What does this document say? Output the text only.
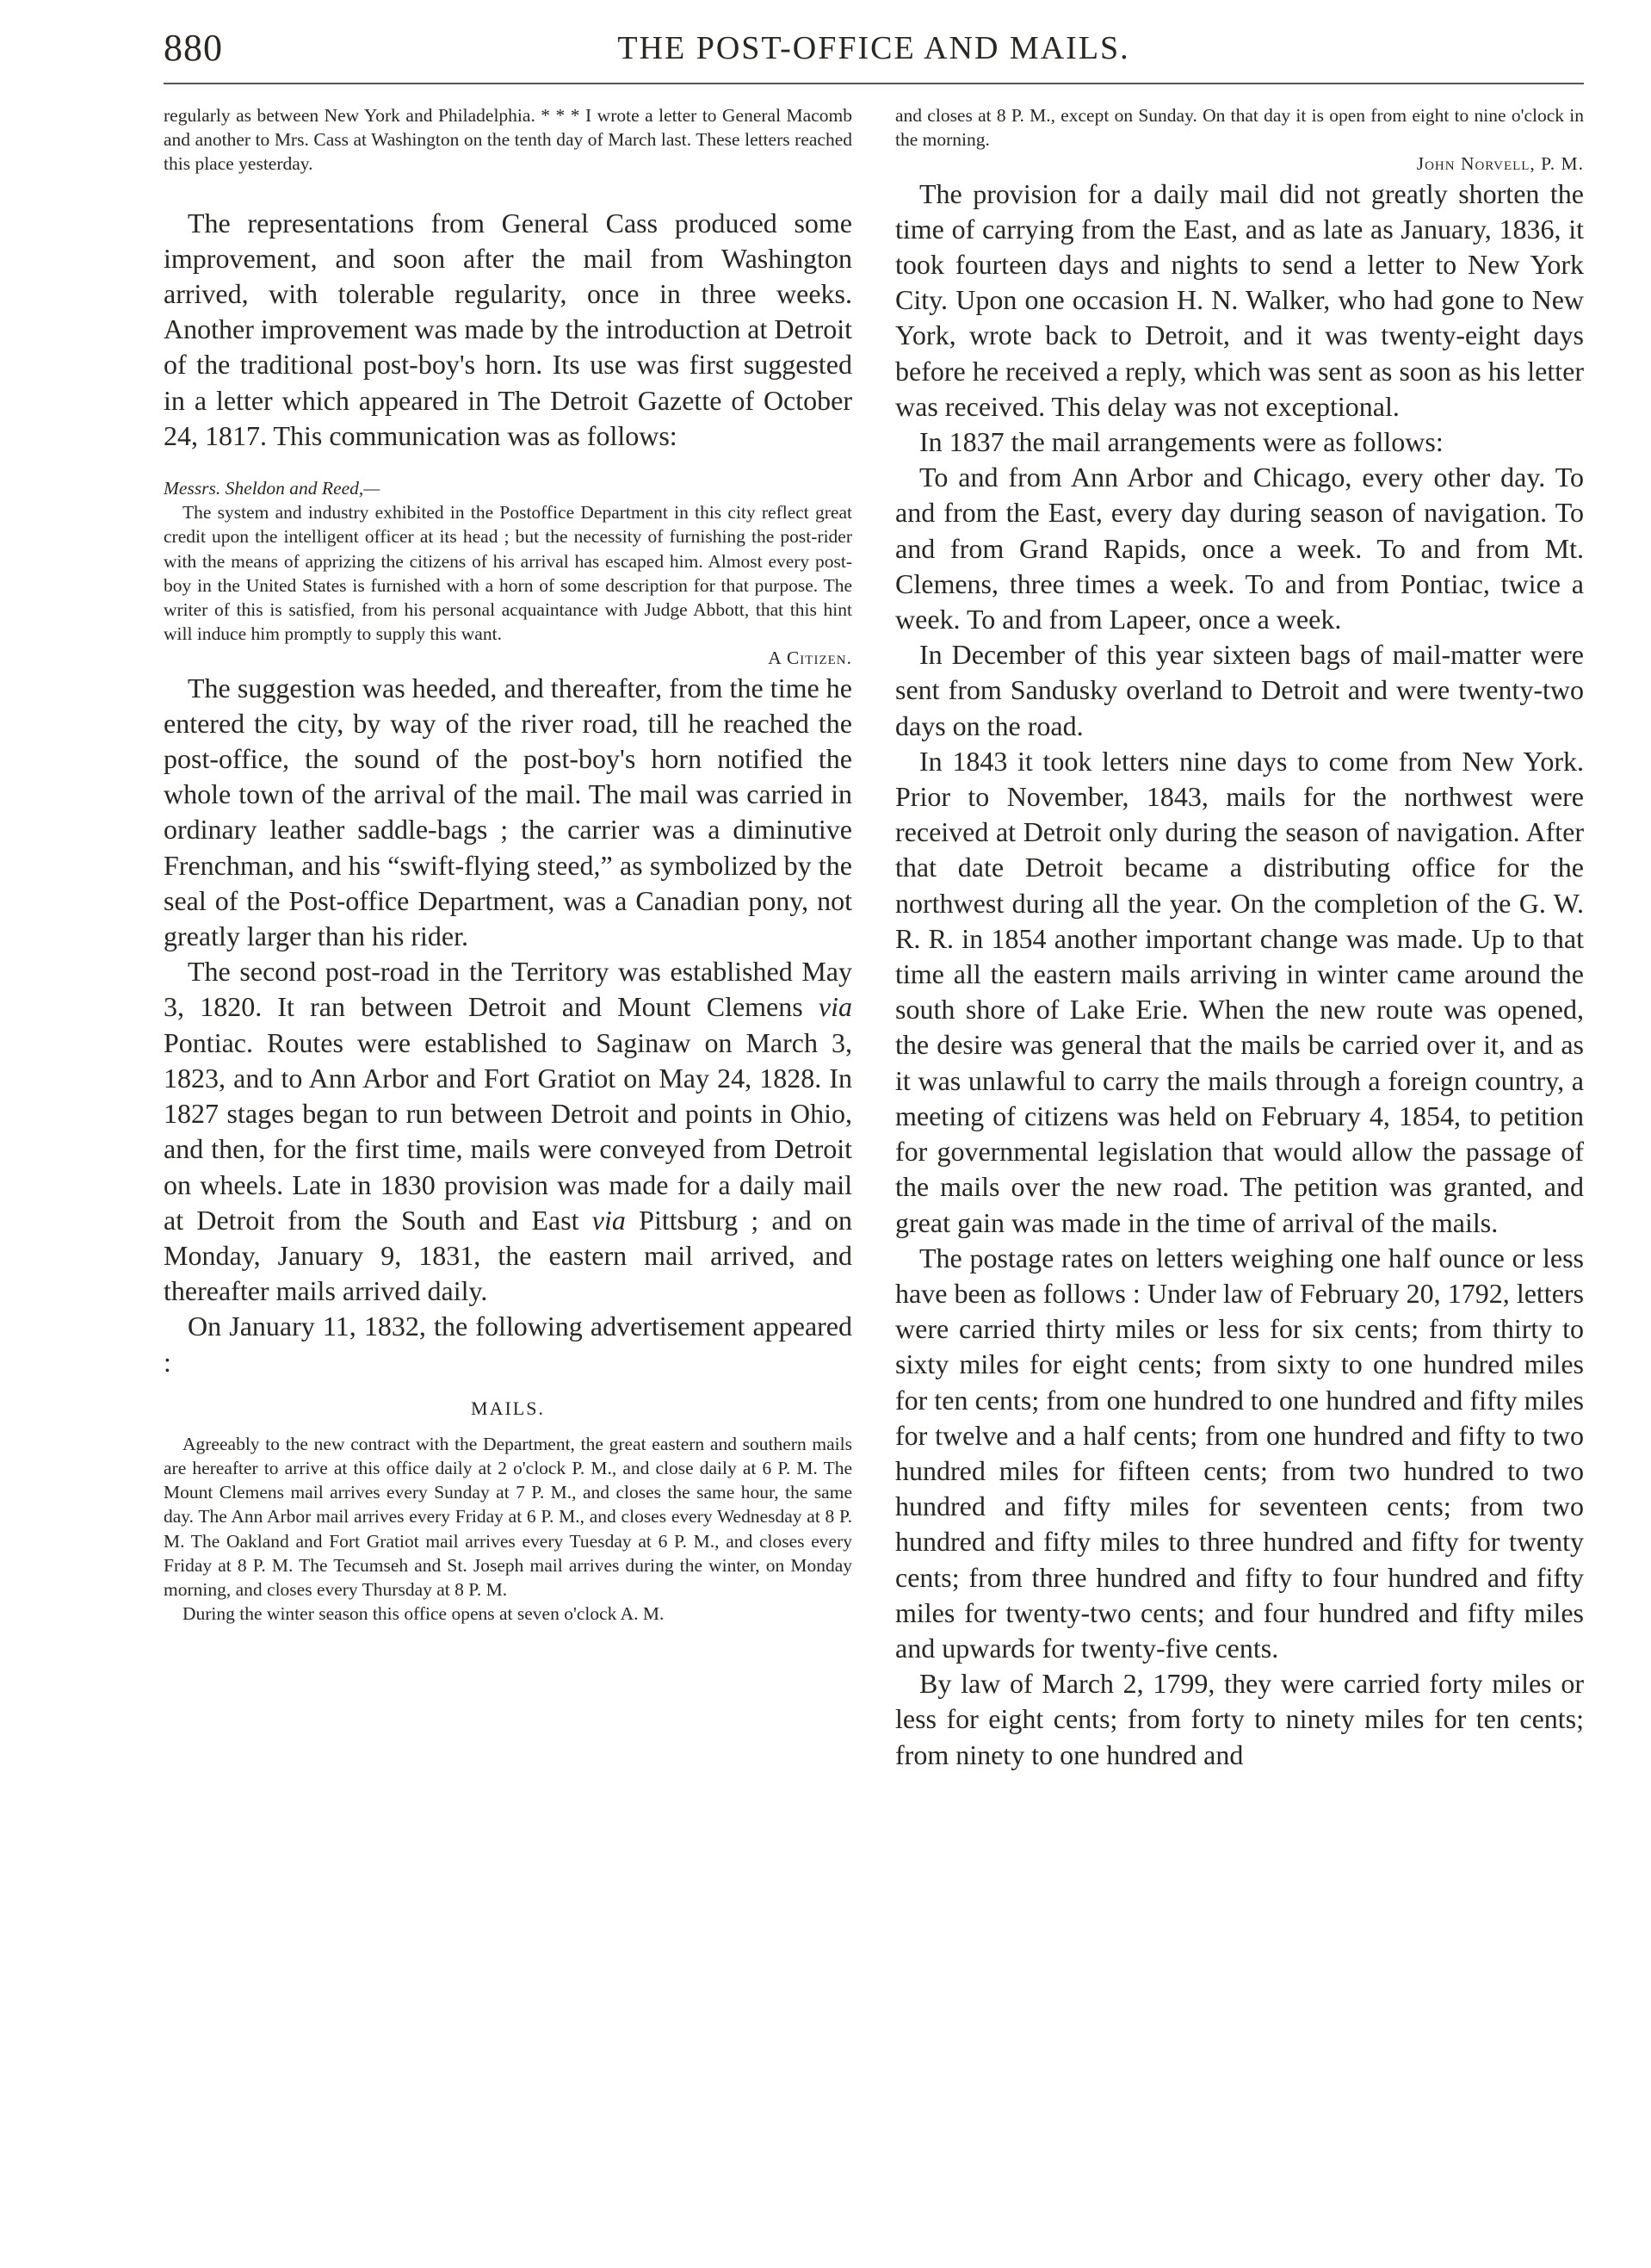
880	THE POST-OFFICE AND MAILS.

regularly as between New York and Philadelphia. * * * I wrote a letter to General Macomb and another to Mrs. Cass at Washington on the tenth day of March last. These letters reached this place yesterday.

The representations from General Cass produced some improvement, and soon after the mail from Washington arrived, with tolerable regularity, once in three weeks. Another improvement was made by the introduction at Detroit of the traditional post-boy's horn. Its use was first suggested in a letter which appeared in The Detroit Gazette of October 24, 1817. This communication was as follows:

Messrs. Sheldon and Reed,—

The system and industry exhibited in the Postoffice Department in this city reflect great credit upon the intelligent officer at its head ; but the necessity of furnishing the post-rider with the means of apprizing the citizens of his arrival has escaped him. Almost every post-boy in the United States is furnished with a horn of some description for that purpose. The writer of this is satisfied, from his personal acquaintance with Judge Abbott, that this hint will induce him promptly to supply this want.

A Citizen.

The suggestion was heeded, and thereafter, from the time he entered the city, by way of the river road, till he reached the post-office, the sound of the post-boy's horn notified the whole town of the arrival of the mail. The mail was carried in ordinary leather saddle-bags ; the carrier was a diminutive Frenchman, and his “swift-flying steed,” as symbolized by the seal of the Post-office Department, was a Canadian pony, not greatly larger than his rider.

The second post-road in the Territory was established May 3, 1820. It ran between Detroit and Mount Clemens via Pontiac. Routes were established to Saginaw on March 3, 1823, and to Ann Arbor and Fort Gratiot on May 24, 1828. In 1827 stages began to run between Detroit and points in Ohio, and then, for the first time, mails were conveyed from Detroit on wheels. Late in 1830 provision was made for a daily mail at Detroit from the South and East via Pittsburg ; and on Monday, January 9, 1831, the eastern mail arrived, and thereafter mails arrived daily.

On January 11, 1832, the following advertisement appeared :

MAILS.

Agreeably to the new contract with the Department, the great eastern and southern mails are hereafter to arrive at this office daily at 2 o'clock P. M., and close daily at 6 P. M. The Mount Clemens mail arrives every Sunday at 7 P. M., and closes the same hour, the same day. The Ann Arbor mail arrives every Friday at 6 P. M., and closes every Wednesday at 8 P. M. The Oakland and Fort Gratiot mail arrives every Tuesday at 6 P. M., and closes every Friday at 8 P. M. The Tecumseh and St. Joseph mail arrives during the winter, on Monday morning, and closes every Thursday at 8 P. M.

During the winter season this office opens at seven o'clock A. M.

and closes at 8 P. M., except on Sunday. On that day it is open from eight to nine o'clock in the morning.

John Norvell, P. M.

The provision for a daily mail did not greatly shorten the time of carrying from the East, and as late as January, 1836, it took fourteen days and nights to send a letter to New York City. Upon one occasion H. N. Walker, who had gone to New York, wrote back to Detroit, and it was twenty-eight days before he received a reply, which was sent as soon as his letter was received. This delay was not exceptional.

In 1837 the mail arrangements were as follows:

To and from Ann Arbor and Chicago, every other day. To and from the East, every day during season of navigation. To and from Grand Rapids, once a week. To and from Mt. Clemens, three times a week. To and from Pontiac, twice a week. To and from Lapeer, once a week.

In December of this year sixteen bags of mail-matter were sent from Sandusky overland to Detroit and were twenty-two days on the road.

In 1843 it took letters nine days to come from New York. Prior to November, 1843, mails for the northwest were received at Detroit only during the season of navigation. After that date Detroit became a distributing office for the northwest during all the year. On the completion of the G. W. R. R. in 1854 another important change was made. Up to that time all the eastern mails arriving in winter came around the south shore of Lake Erie. When the new route was opened, the desire was general that the mails be carried over it, and as it was unlawful to carry the mails through a foreign country, a meeting of citizens was held on February 4, 1854, to petition for governmental legislation that would allow the passage of the mails over the new road. The petition was granted, and great gain was made in the time of arrival of the mails.

The postage rates on letters weighing one half ounce or less have been as follows : Under law of February 20, 1792, letters were carried thirty miles or less for six cents; from thirty to sixty miles for eight cents; from sixty to one hundred miles for ten cents; from one hundred to one hundred and fifty miles for twelve and a half cents; from one hundred and fifty to two hundred miles for fifteen cents; from two hundred to two hundred and fifty miles for seventeen cents; from two hundred and fifty miles to three hundred and fifty for twenty cents; from three hundred and fifty to four hundred and fifty miles for twenty-two cents; and four hundred and fifty miles and upwards for twenty-five cents.

By law of March 2, 1799, they were carried forty miles or less for eight cents; from forty to ninety miles for ten cents; from ninety to one hundred and
